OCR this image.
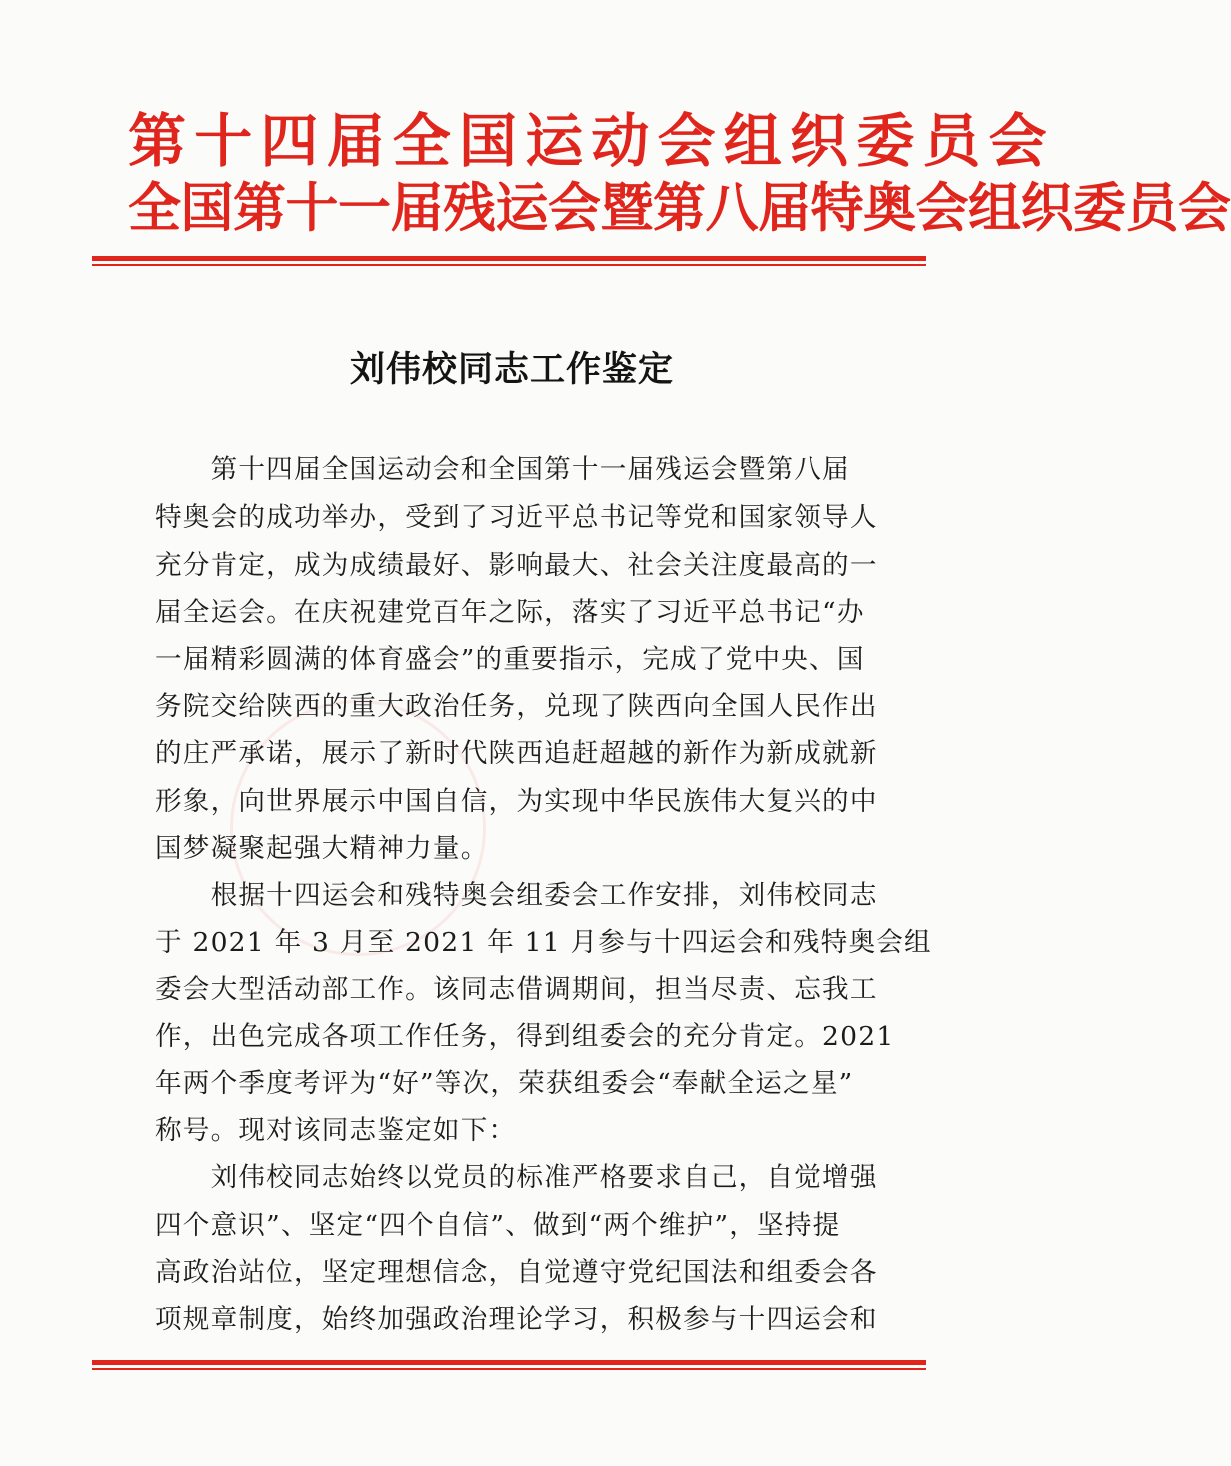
第十四届全国运动会组织委员会
全国第十一届残运会暨第八届特奥会组织委员会
刘伟校同志工作鉴定
　　第十四届全国运动会和全国第十一届残运会暨第八届
特奥会的成功举办，受到了习近平总书记等党和国家领导人
充分肯定，成为成绩最好、影响最大、社会关注度最高的一
届全运会。在庆祝建党百年之际，落实了习近平总书记“办
一届精彩圆满的体育盛会”的重要指示，完成了党中央、国
务院交给陕西的重大政治任务，兑现了陕西向全国人民作出
的庄严承诺，展示了新时代陕西追赶超越的新作为新成就新
形象，向世界展示中国自信，为实现中华民族伟大复兴的中
国梦凝聚起强大精神力量。
　　根据十四运会和残特奥会组委会工作安排，刘伟校同志
于 2021 年 3 月至 2021 年 11 月参与十四运会和残特奥会组
委会大型活动部工作。该同志借调期间，担当尽责、忘我工
作，出色完成各项工作任务，得到组委会的充分肯定。2021
年两个季度考评为“好”等次，荣获组委会“奉献全运之星”
称号。现对该同志鉴定如下：
　　刘伟校同志始终以党员的标准严格要求自己，自觉增强
四个意识”、坚定“四个自信”、做到“两个维护”，坚持提
高政治站位，坚定理想信念，自觉遵守党纪国法和组委会各
项规章制度，始终加强政治理论学习，积极参与十四运会和
